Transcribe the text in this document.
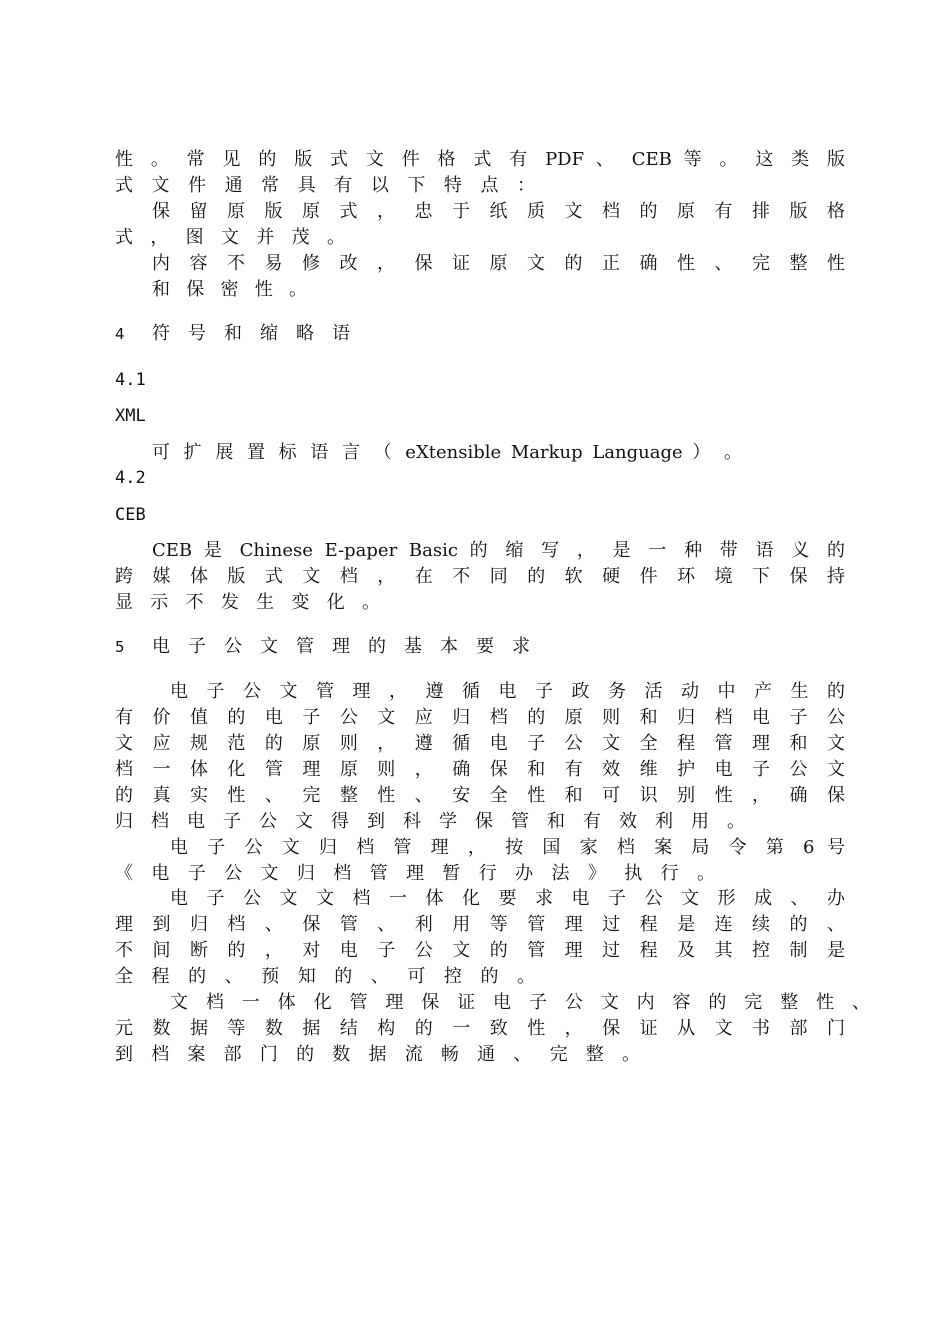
性 。 常 见 的 版 式 文 件 格 式 有 PDF 、 CEB 等 。 这 类 版
式 文 件 通 常 具 有 以 下 特 点 ：
保 留 原 版 原 式 ， 忠 于 纸 质 文 档 的 原 有 排 版 格
式 ， 图 文 并 茂 。
内 容 不 易 修 改 ， 保 证 原 文 的 正 确 性 、 完 整 性
和 保 密 性 。
4 符号和缩略语
4.1
XML
可 扩 展 置 标 语 言 （ eXtensible Markup Language ） 。
4.2
CEB
CEB 是 Chinese E-paper Basic 的 缩 写 ， 是 一 种 带 语 义 的
跨 媒 体 版 式 文 档 ， 在 不 同 的 软 硬 件 环 境 下 保 持
显 示 不 发 生 变 化 。
5 电子公文管理的基本要求
电 子 公 文 管 理 ， 遵 循 电 子 政 务 活 动 中 产 生 的
有 价 值 的 电 子 公 文 应 归 档 的 原 则 和 归 档 电 子 公
文 应 规 范 的 原 则 ， 遵 循 电 子 公 文 全 程 管 理 和 文
档 一 体 化 管 理 原 则 ， 确 保 和 有 效 维 护 电 子 公 文
的 真 实 性 、 完 整 性 、 安 全 性 和 可 识 别 性 ， 确 保
归 档 电 子 公 文 得 到 科 学 保 管 和 有 效 利 用 。
电 子 公 文 归 档 管 理 ， 按 国 家 档 案 局 令 第 6 号
《 电 子 公 文 归 档 管 理 暂 行 办 法 》 执 行 。
电 子 公 文 文 档 一 体 化 要 求 电 子 公 文 形 成 、 办
理 到 归 档 、 保 管 、 利 用 等 管 理 过 程 是 连 续 的 、
不 间 断 的 ， 对 电 子 公 文 的 管 理 过 程 及 其 控 制 是
全 程 的 、 预 知 的 、 可 控 的 。
文 档 一 体 化 管 理 保 证 电 子 公 文 内 容 的 完 整 性 、
元 数 据 等 数 据 结 构 的 一 致 性 ， 保 证 从 文 书 部 门
到 档 案 部 门 的 数 据 流 畅 通 、 完 整 。
